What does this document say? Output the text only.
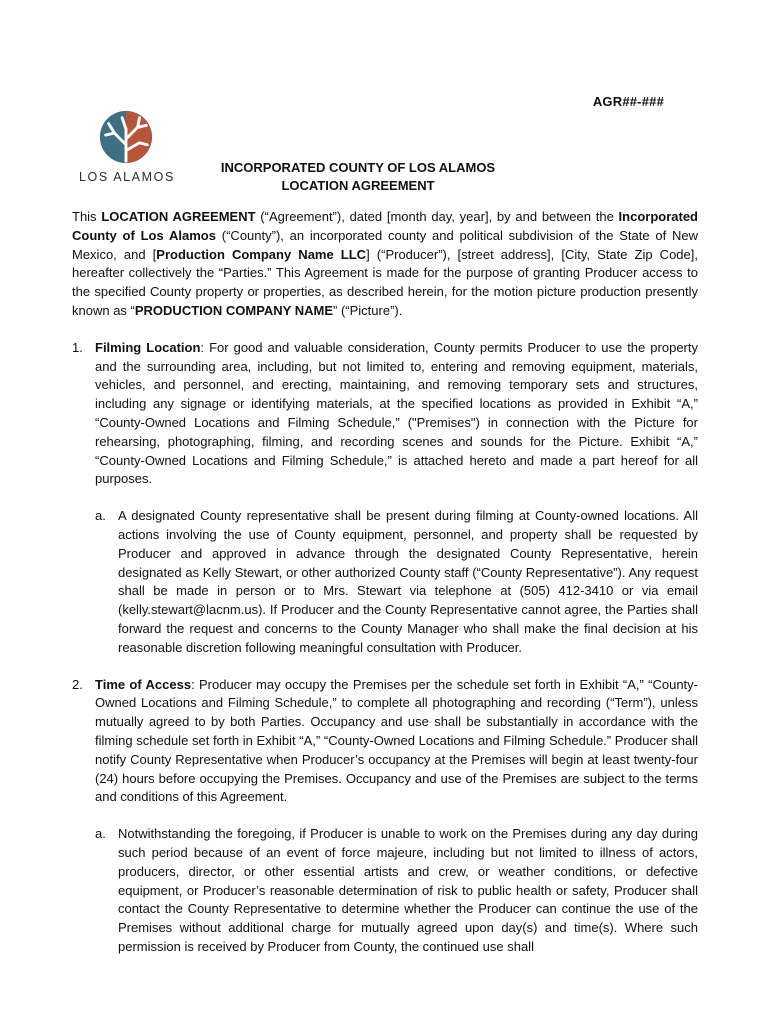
AGR##-###
LOS ALAMOS
INCORPORATED COUNTY OF LOS ALAMOS
LOCATION AGREEMENT

This LOCATION AGREEMENT (“Agreement”), dated [month day, year], by and between the Incorporated County of Los Alamos (“County”), an incorporated county and political subdivision of the State of New Mexico, and [Production Company Name LLC] (“Producer”), [street address], [City, State Zip Code], hereafter collectively the “Parties.” This Agreement is made for the purpose of granting Producer access to the specified County property or properties, as described herein, for the motion picture production presently known as “PRODUCTION COMPANY NAME” (“Picture”).

1. Filming Location: For good and valuable consideration, County permits Producer to use the property and the surrounding area, including, but not limited to, entering and removing equipment, materials, vehicles, and personnel, and erecting, maintaining, and removing temporary sets and structures, including any signage or identifying materials, at the specified locations as provided in Exhibit “A,” “County-Owned Locations and Filming Schedule,” ("Premises") in connection with the Picture for rehearsing, photographing, filming, and recording scenes and sounds for the Picture. Exhibit “A,” “County-Owned Locations and Filming Schedule,” is attached hereto and made a part hereof for all purposes.

a. A designated County representative shall be present during filming at County-owned locations. All actions involving the use of County equipment, personnel, and property shall be requested by Producer and approved in advance through the designated County Representative, herein designated as Kelly Stewart, or other authorized County staff (“County Representative”). Any request shall be made in person or to Mrs. Stewart via telephone at (505) 412-3410 or via email (kelly.stewart@lacnm.us). If Producer and the County Representative cannot agree, the Parties shall forward the request and concerns to the County Manager who shall make the final decision at his reasonable discretion following meaningful consultation with Producer.

2. Time of Access: Producer may occupy the Premises per the schedule set forth in Exhibit “A,” “County-Owned Locations and Filming Schedule,” to complete all photographing and recording (“Term”), unless mutually agreed to by both Parties. Occupancy and use shall be substantially in accordance with the filming schedule set forth in Exhibit “A,” “County-Owned Locations and Filming Schedule.” Producer shall notify County Representative when Producer’s occupancy at the Premises will begin at least twenty-four (24) hours before occupying the Premises. Occupancy and use of the Premises are subject to the terms and conditions of this Agreement.

a. Notwithstanding the foregoing, if Producer is unable to work on the Premises during any day during such period because of an event of force majeure, including but not limited to illness of actors, producers, director, or other essential artists and crew, or weather conditions, or defective equipment, or Producer’s reasonable determination of risk to public health or safety, Producer shall contact the County Representative to determine whether the Producer can continue the use of the Premises without additional charge for mutually agreed upon day(s) and time(s). Where such permission is received by Producer from County, the continued use shall
